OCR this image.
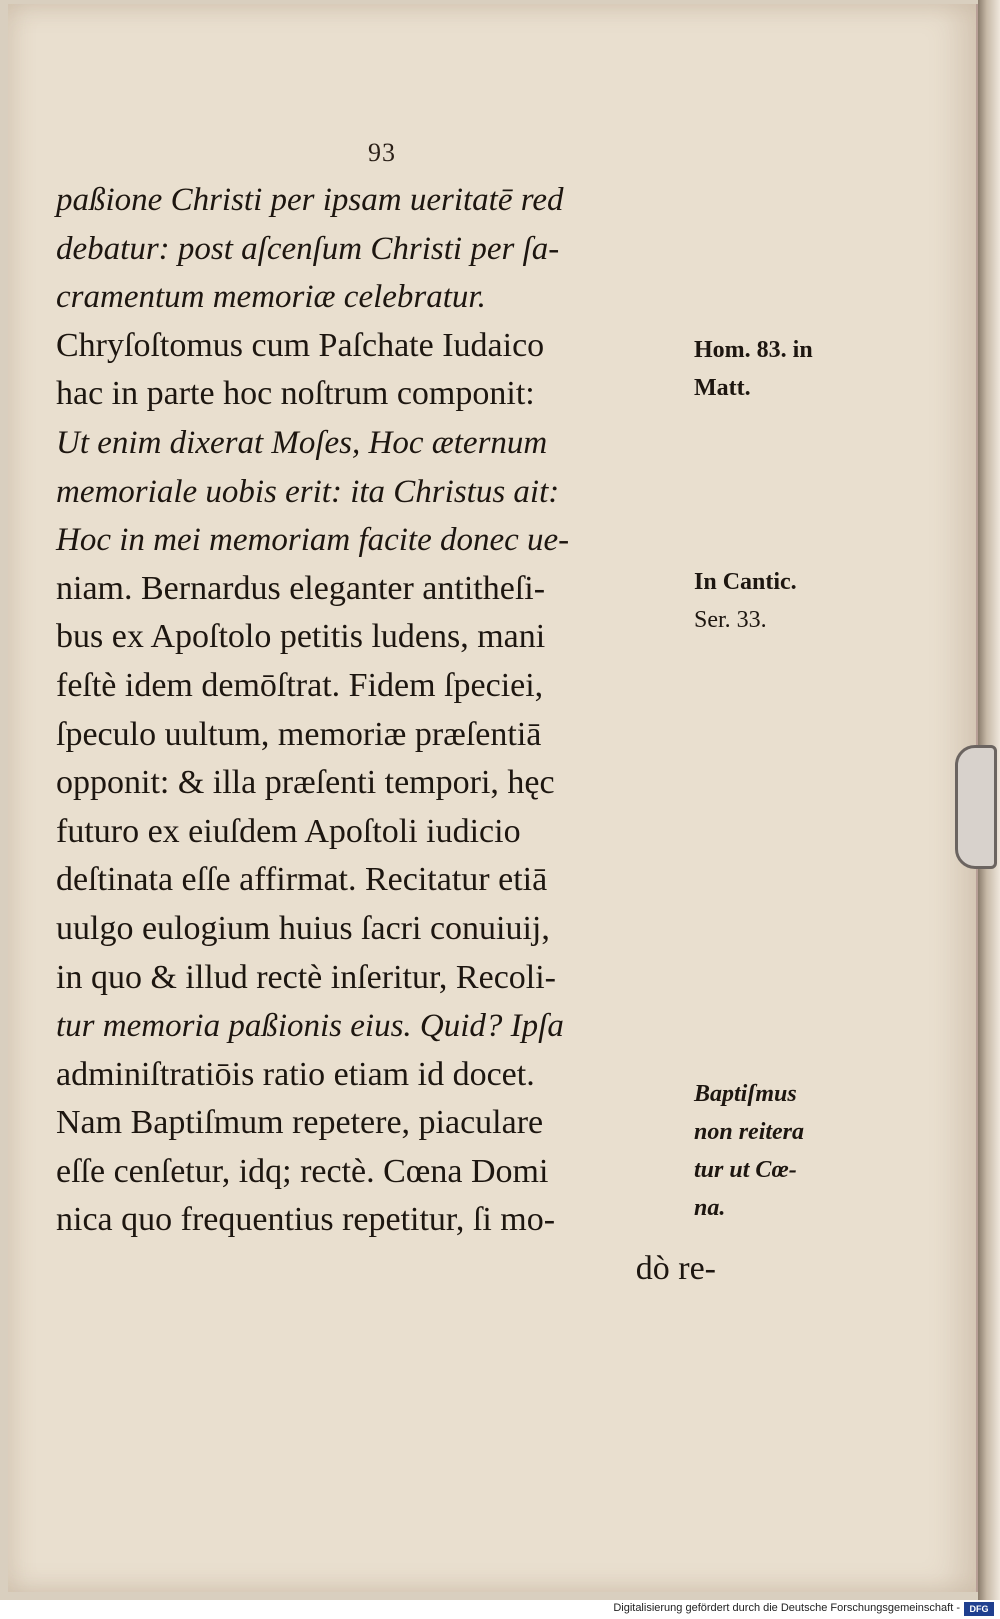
93
paßione Christi per ipsam ueritatē red
debatur: post aſcenſum Christi per ſa-
cramentum memoriæ celebratur.
Chryſoſtomus cum Paſchate Iudaico
hac in parte hoc noſtrum componit:
Ut enim dixerat Moſes, Hoc æternum
memoriale uobis erit: ita Christus ait:
Hoc in mei memoriam facite donec ue-
niam. Bernardus eleganter antitheſi-
bus ex Apoſtolo petitis ludens, mani
feſtè idem demōſtrat. Fidem ſpeciei,
ſpeculo uultum, memoriæ præſentiā
opponit: & illa præſenti tempori, hęc
futuro ex eiuſdem Apoſtoli iudicio
deſtinata eſſe affirmat. Recitatur etiā
uulgo eulogium huius ſacri conuiuij,
in quo & illud rectè inſeritur, Recoli-
tur memoria paßionis eius. Quid? Ipſa
adminiſtratiōis ratio etiam id docet.
Nam Baptiſmum repetere, piaculare
eſſe cenſetur, idq; rectè. Cœna Domi
nica quo frequentius repetitur, ſi mo-
dò re-
Hom. 83. in
Matt.
In Cantic.
Ser. 33.
Baptiſmus
non reitera
tur ut Cœ-
na.
Digitalisierung gefördert durch die Deutsche Forschungsgemeinschaft -	DFG
